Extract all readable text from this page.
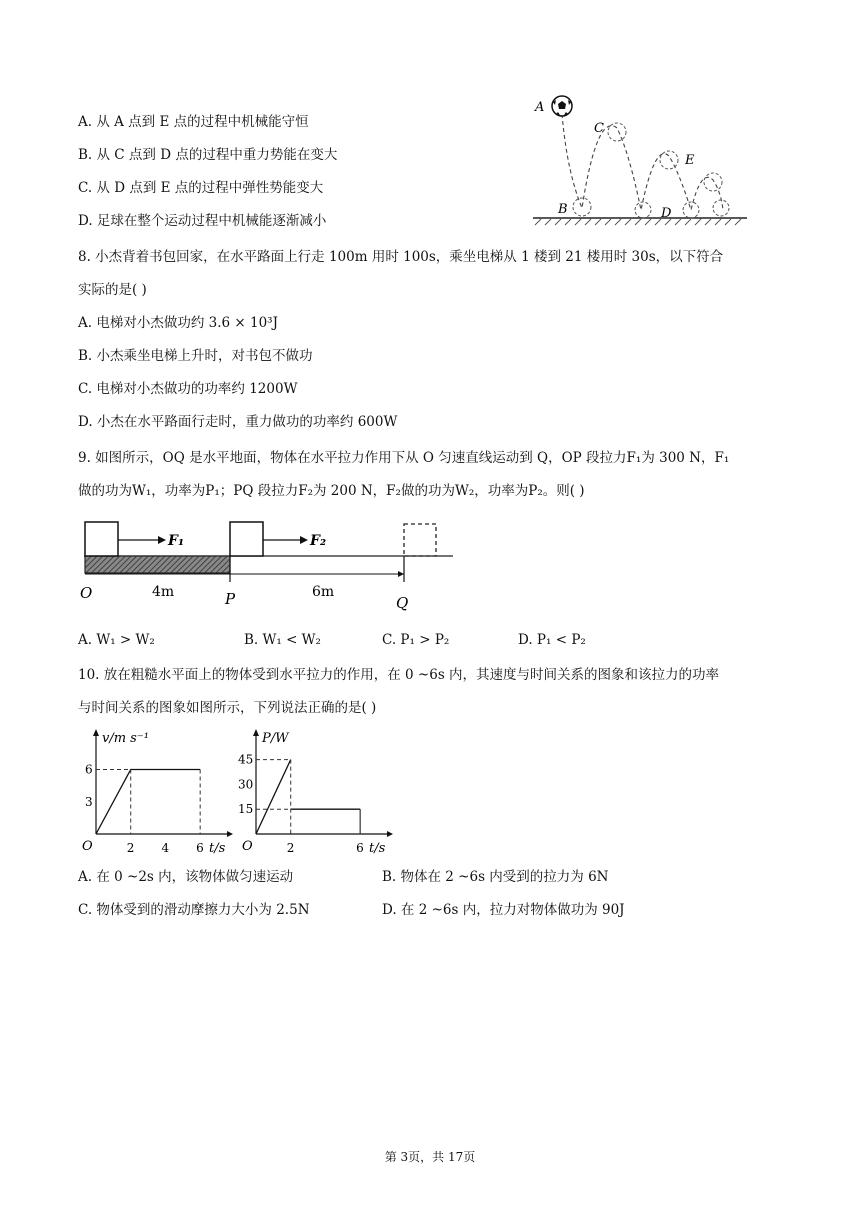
A. 从 A 点到 E 点的过程中机械能守恒
B. 从 C 点到 D 点的过程中重力势能在变大
C. 从 D 点到 E 点的过程中弹性势能变大
D. 足球在整个运动过程中机械能逐渐减小
A
B
C
D
E
8. 小杰背着书包回家，在水平路面上行走 100m 用时 100s，乘坐电梯从 1 楼到 21 楼用时 30s，以下符合
实际的是( )
A. 电梯对小杰做功约 3.6 × 10³J
B. 小杰乘坐电梯上升时，对书包不做功
C. 电梯对小杰做功的功率约 1200W
D. 小杰在水平路面行走时，重力做功的功率约 600W
9. 如图所示，OQ 是水平地面，物体在水平拉力作用下从 O 匀速直线运动到 Q，OP 段拉力F₁为 300 N，F₁
做的功为W₁，功率为P₁；PQ 段拉力F₂为 200 N，F₂做的功为W₂，功率为P₂。则( )
F₁	F₂
4m	6m
O	P	Q
A. W₁ > W₂	B. W₁ < W₂	C. P₁ > P₂	D. P₁ < P₂
10. 放在粗糙水平面上的物体受到水平拉力的作用，在 0 ~6s 内，其速度与时间关系的图象和该拉力的功率
与时间关系的图象如图所示，下列说法正确的是( )
v/m s⁻¹
t/s
O	2 4 6
3
6
P/W
t/s
O	2	6
15
30
45
A. 在 0 ~2s 内，该物体做匀速运动	B. 物体在 2 ~6s 内受到的拉力为 6N
C. 物体受到的滑动摩擦力大小为 2.5N	D. 在 2 ~6s 内，拉力对物体做功为 90J
第 3页，共 17页
